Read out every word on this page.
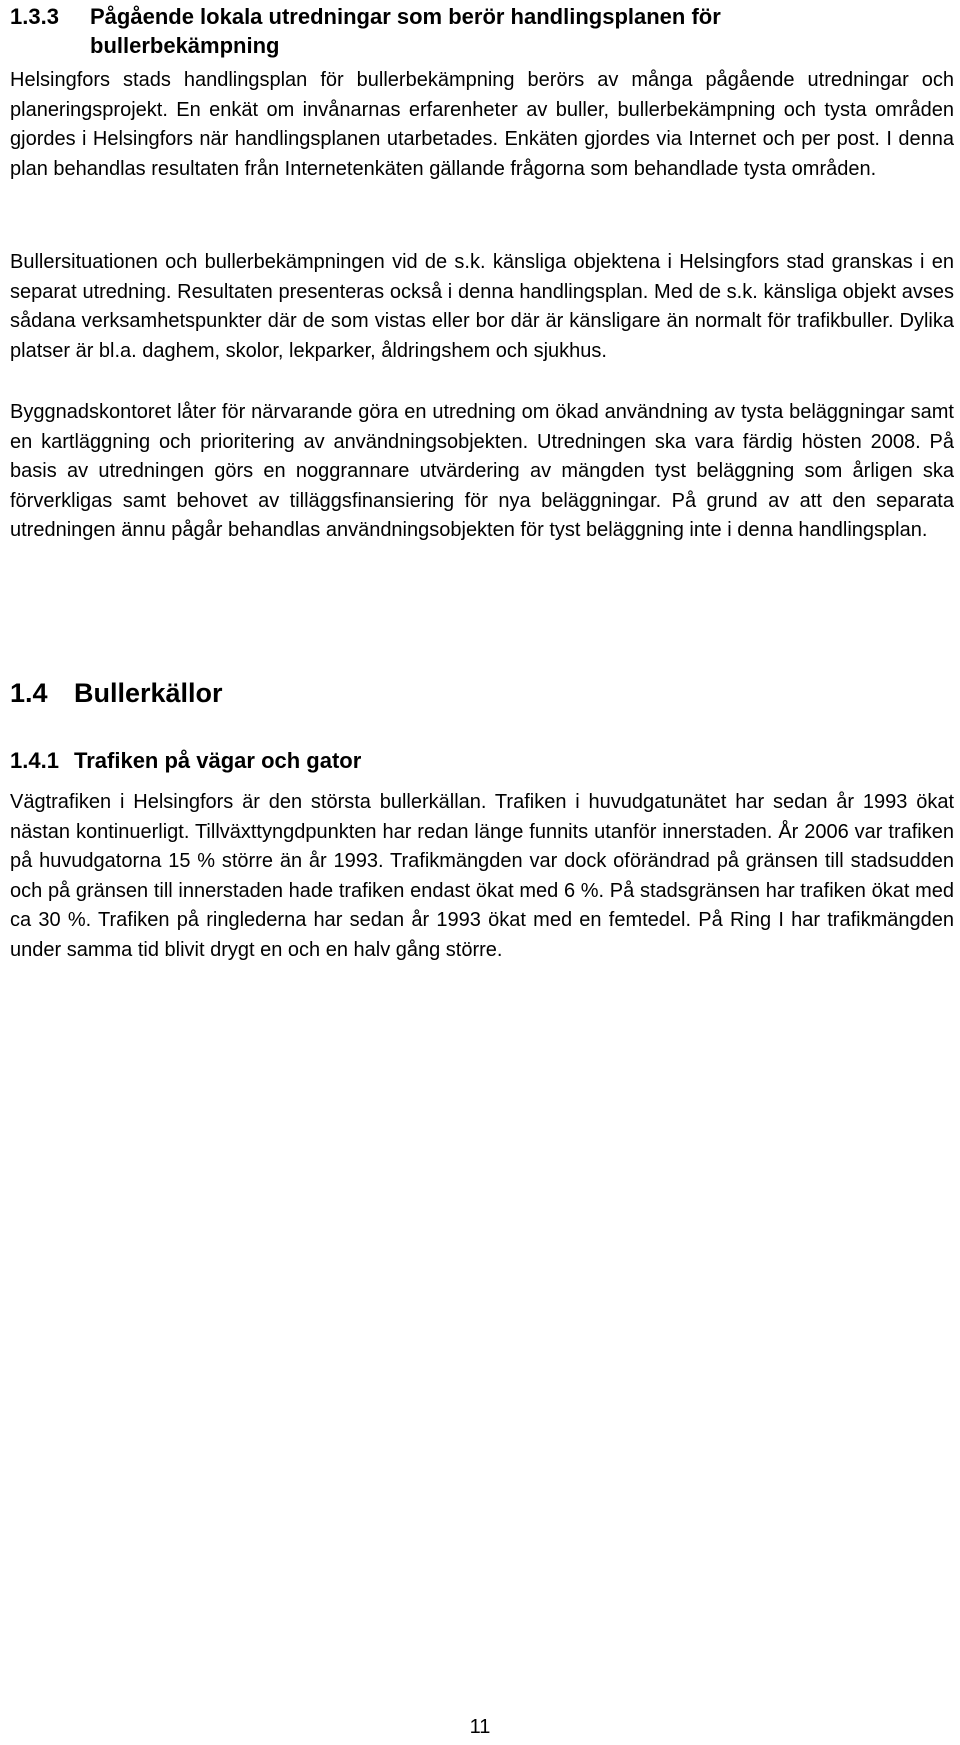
1.3.3	Pågående lokala utredningar som berör handlingsplanen för bullerbekämpning

Helsingfors stads handlingsplan för bullerbekämpning berörs av många pågående utredningar och planeringsprojekt. En enkät om invånarnas erfarenheter av buller, bullerbekämpning och tysta områden gjordes i Helsingfors när handlingsplanen utarbetades. Enkäten gjordes via Internet och per post. I denna plan behandlas resultaten från Internetenkäten gällande frågorna som behandlade tysta områden.

Bullersituationen och bullerbekämpningen vid de s.k. känsliga objektena i Helsingfors stad granskas i en separat utredning. Resultaten presenteras också i denna handlingsplan. Med de s.k. känsliga objekt avses sådana verksamhetspunkter där de som vistas eller bor där är känsligare än normalt för trafikbuller. Dylika platser är bl.a. daghem, skolor, lekparker, åldringshem och sjukhus.

Byggnadskontoret låter för närvarande göra en utredning om ökad användning av tysta beläggningar samt en kartläggning och prioritering av användningsobjekten. Utredningen ska vara färdig hösten 2008. På basis av utredningen görs en noggrannare utvärdering av mängden tyst beläggning som årligen ska förverkligas samt behovet av tilläggsfinansiering för nya beläggningar. På grund av att den separata utredningen ännu pågår behandlas användningsobjekten för tyst beläggning inte i denna handlingsplan.

1.4 Bullerkällor
1.4.1 Trafiken på vägar och gator

Vägtrafiken i Helsingfors är den största bullerkällan. Trafiken i huvudgatunätet har sedan år 1993 ökat nästan kontinuerligt. Tillväxttyngdpunkten har redan länge funnits utanför innerstaden. År 2006 var trafiken på huvudgatorna 15 % större än år 1993. Trafikmängden var dock oförändrad på gränsen till stadsudden och på gränsen till innerstaden hade trafiken endast ökat med 6 %. På stadsgränsen har trafiken ökat med ca 30 %. Trafiken på ringlederna har sedan år 1993 ökat med en femtedel. På Ring I har trafikmängden under samma tid blivit drygt en och en halv gång större.

11
